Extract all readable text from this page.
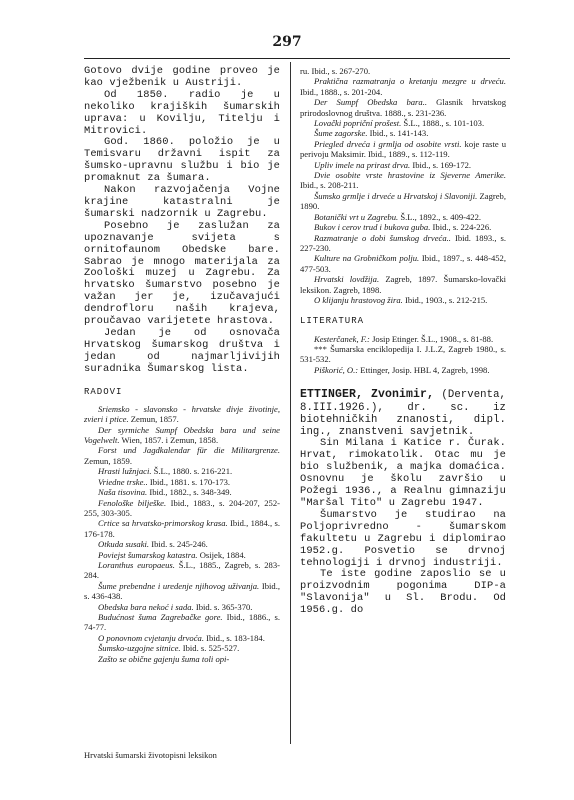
297

Gotovo dvije godine proveo je kao vježbenik u Austriji.

Od 1850. radio je u nekoliko krajiških šumarskih uprava: u Kovilju, Titelju i Mitrovici.

God. 1860. položio je u Temisvaru državni ispit za šumsko-upravnu službu i bio je promaknut za šumara.

Nakon razvojačenja Vojne krajine katastralni je šumarski nadzornik u Zagrebu.

Posebno je zaslužan za upoznavanje svijeta s ornitofaunom Obedske bare. Sabrao je mnogo materijala za Zoološki muzej u Zagrebu. Za hrvatsko šumarstvo posebno je važan jer je, izučavajući dendrofloru naših krajeva, proučavao varijetete hrastova.

Jedan je od osnovača Hrvatskog šumarskog društva i jedan od najmarljivijih suradnika Šumarskog lista.

RADOVI

Sriemsko - slavonsko - hrvatske divje životinje, zvieri i ptice. Zemun, 1857.

Der syrmiche Sumpf Obedska bara und seine Vogelwelt. Wien, 1857. i Zemun, 1858.

Forst und Jagdkalendar für die Militargrenze. Zemun, 1859.

Hrasti lužnjaci. Š.L., 1880. s. 216-221.

Vriedne trske.. Ibid., 1881. s. 170-173.

Naša tisovina. Ibid., 1882., s. 348-349.

Fenološke bilješke. Ibid., 1883., s. 204-207, 252-255, 303-305.

Crtice sa hrvatsko-primorskog krasa. Ibid., 1884., s. 176-178.

Otkuda susaki. Ibid. s. 245-246.

Poviejst šumarskog katastra. Osijek, 1884.

Loranthus europaeus. Š.L., 1885., Zagreb, s. 283-284.

Šume prebendne i uredenje njihovog uživanja. Ibid., s. 436-438.

Obedska bara nekoć i sada. Ibid. s. 365-370.

Budućnost šuma Zagrebačke gore. Ibid., 1886., s. 74-77.

O ponovnom cvjetanju drvoća. Ibid., s. 183-184.

Šumsko-uzgojne sitnice. Ibid. s. 525-527.

Zašto se obične gajenju šuma toli opi-

ru. Ibid., s. 267-270.

Praktična razmatranja o kretanju mezgre u drveću. Ibid., 1888., s. 201-204.

Der Sumpf Obedska bara.. Glasnik hrvatskog prirodoslovnog društva. 1888., s. 231-236.

Lovački popriční prošest. Š.L., 1888., s. 101-103.

Šume zagorske. Ibid., s. 141-143.

Priegled drveća i grmlja od osobite vrsti. koje raste u perivoju Maksimir. Ibid., 1889., s. 112-119.

Upliv imele na prirast drva. Ibid., s. 169-172.

Dvie osobite vrste hrastovine iz Sjeverne Amerike. Ibid., s. 208-211.

Šumsko grmlje i drveće u Hrvatskoj i Slavoniji. Zagreb, 1890.

Botanički vrt u Zagrebu. Š.L., 1892., s. 409-422.

Bukov i cerov trud i bukova guba. Ibid., s. 224-226.

Razmatranje o dobi šumskog drveća.. Ibid. 1893., s. 227-230.

Kulture na Grobničkom polju. Ibid., 1897., s. 448-452, 477-503.

Hrvatski lovdžija. Zagreb, 1897. Šumarsko-lovački leksikon. Zagreb, 1898.

O klijanju hrastovog žira. Ibid., 1903., s. 212-215.

LITERATURA

Kesterčanek, F.: Josip Etinger. Š.L., 1908., s. 81-88.

*** Šumarska enciklopedija I. J.L.Z, Zagreb 1980., s. 531-532.

Piškorić, O.: Ettinger, Josip. HBL 4, Zagreb, 1998.

ETTINGER, Zvonimir, (Derventa, 8.III.1926.), dr. sc. iz biotehničkih znanosti, dipl. ing., znanstveni savjetnik.

Sin Milana i Katice r. Čurak. Hrvat, rimokatolik. Otac mu je bio službenik, a majka domaćica. Osnovnu je školu završio u Požegi 1936., a Realnu gimnaziju "Maršal Tito" u Zagrebu 1947.

Šumarstvo je studirao na Poljoprivredno - šumarskom fakultetu u Zagrebu i diplomirao 1952.g. Posvetio se drvnoj tehnologiji i drvnoj industriji.

Te iste godine zaposlio se u proizvodnim pogonima DIP-a "Slavonija" u Sl. Brodu. Od 1956.g. do

Hrvatski šumarski životopisni leksikon
